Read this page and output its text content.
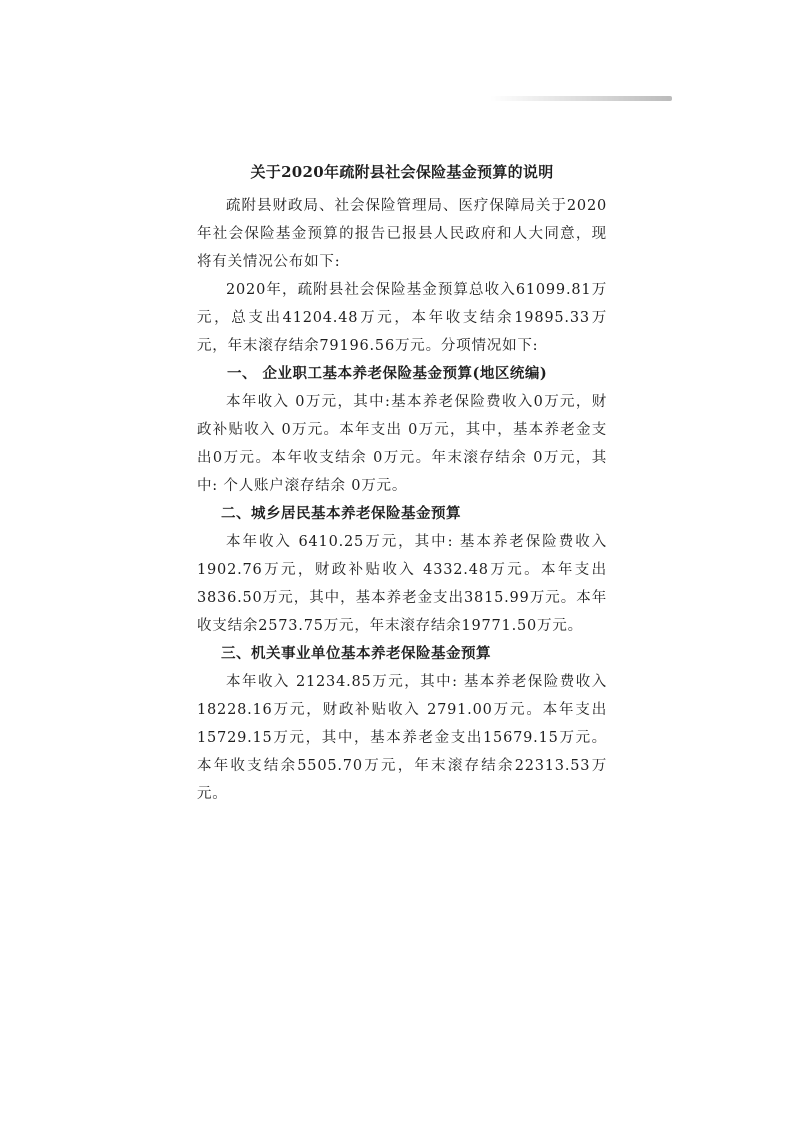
关于2020年疏附县社会保险基金预算的说明

疏附县财政局、社会保险管理局、医疗保障局关于2020年社会保险基金预算的报告已报县人民政府和人大同意，现将有关情况公布如下:

2020年，疏附县社会保险基金预算总收入61099.81万元，总支出41204.48万元，本年收支结余19895.33万元，年末滚存结余79196.56万元。分项情况如下:

一、 企业职工基本养老保险基金预算(地区统编)

本年收入 0万元，其中:基本养老保险费收入0万元，财政补贴收入 0万元。本年支出 0万元，其中，基本养老金支出0万元。本年收支结余 0万元。年末滚存结余 0万元，其中: 个人账户滚存结余 0万元。

二、城乡居民基本养老保险基金预算

本年收入 6410.25万元，其中: 基本养老保险费收入1902.76万元，财政补贴收入 4332.48万元。本年支出3836.50万元，其中，基本养老金支出3815.99万元。本年收支结余2573.75万元，年末滚存结余19771.50万元。

三、机关事业单位基本养老保险基金预算

本年收入 21234.85万元，其中: 基本养老保险费收入18228.16万元，财政补贴收入 2791.00万元。本年支出15729.15万元，其中，基本养老金支出15679.15万元。本年收支结余5505.70万元，年末滚存结余22313.53万元。
